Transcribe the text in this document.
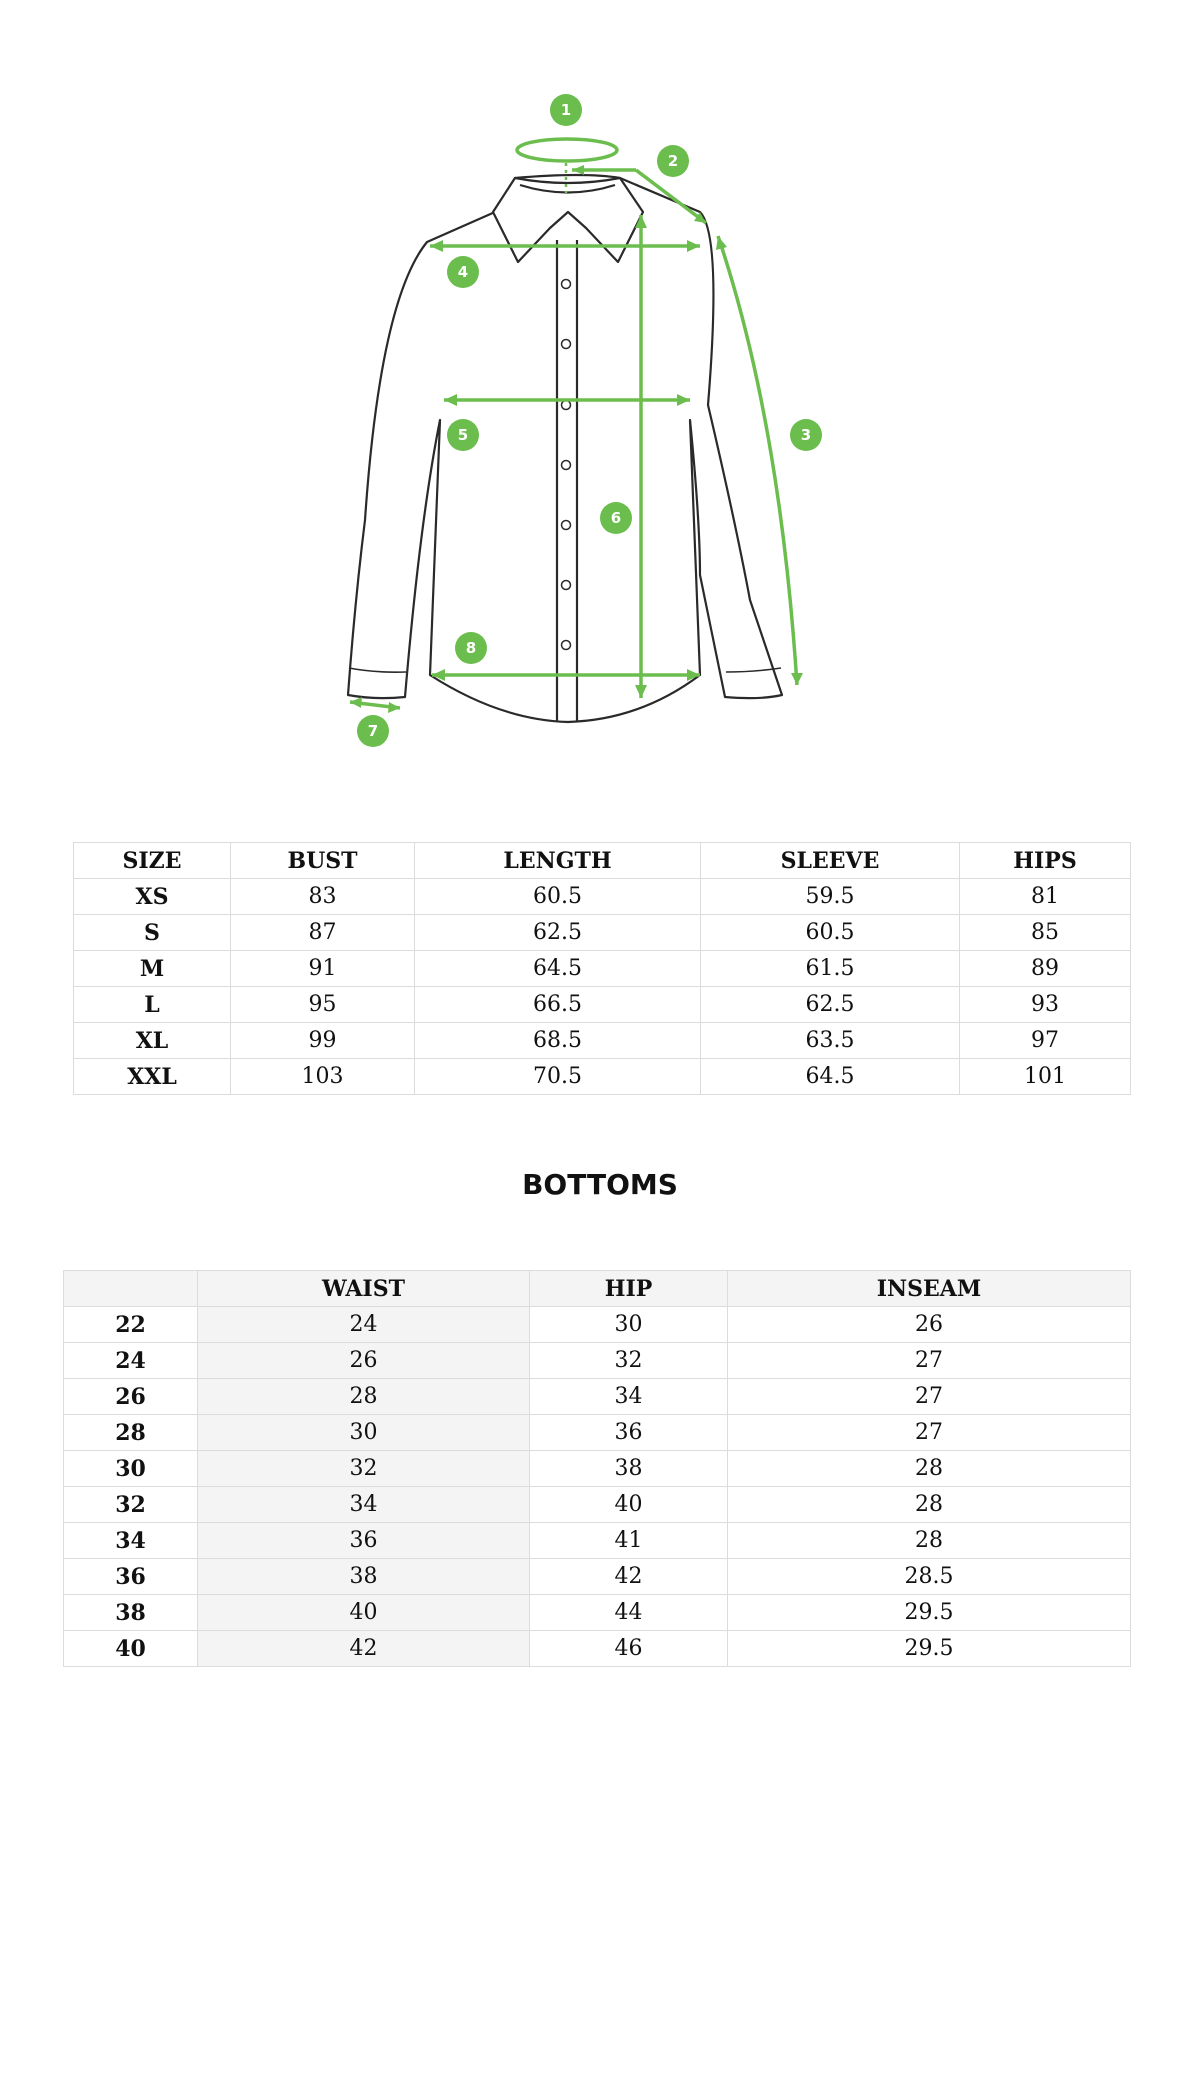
1
2
3
4
5
6
7
8
SIZE	BUST	LENGTH	SLEEVE	HIPS
XS	83	60.5	59.5	81
S	87	62.5	60.5	85
M	91	64.5	61.5	89
L	95	66.5	62.5	93
XL	99	68.5	63.5	97
XXL	103	70.5	64.5	101
BOTTOMS
	WAIST	HIP	INSEAM
22	24	30	26
24	26	32	27
26	28	34	27
28	30	36	27
30	32	38	28
32	34	40	28
34	36	41	28
36	38	42	28.5
38	40	44	29.5
40	42	46	29.5
